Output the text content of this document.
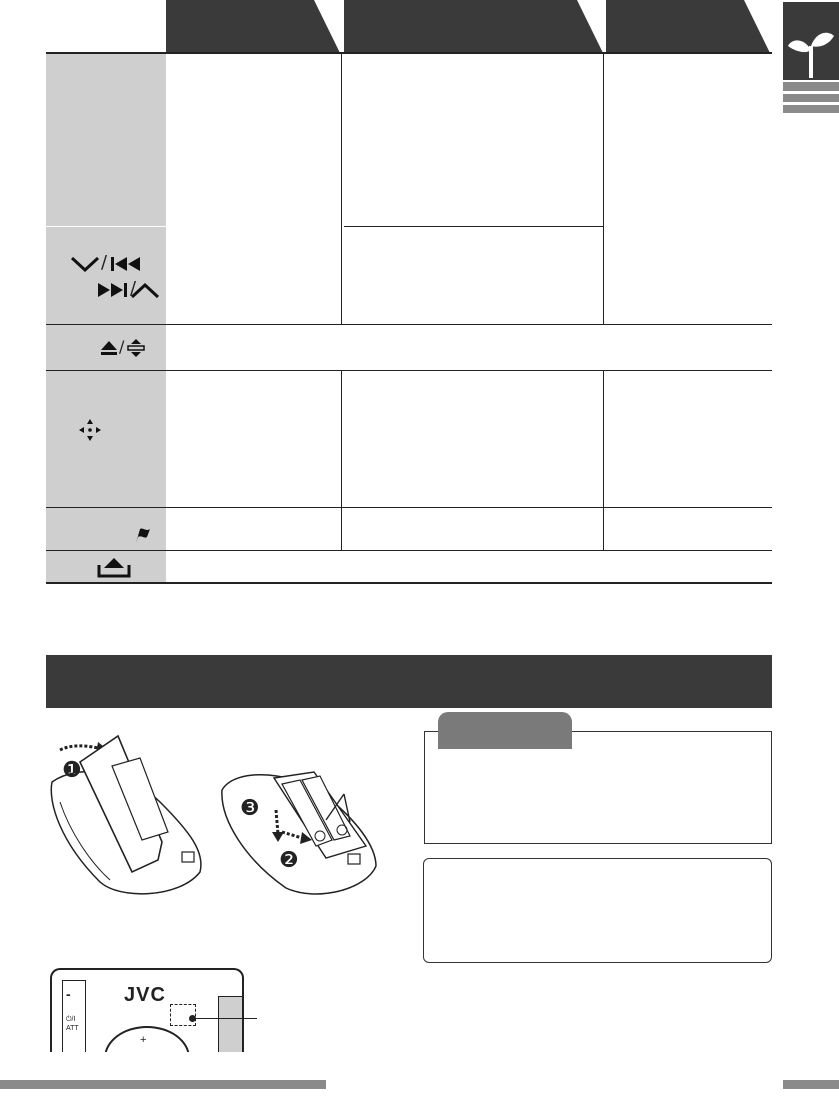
/
/
/
❶
❸
❷
-
⏻/I
ATT
JVC
+
